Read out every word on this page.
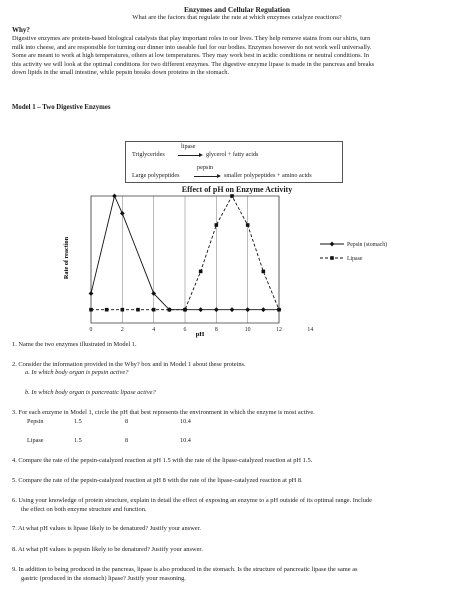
Enzymes and Cellular Regulation
What are the factors that regulate the rate at which enzymes catalyze reactions?
Why?
Digestive enzymes are protein-based biological catalysts that play important roles in our lives. They help remove stains from our shirts, turn
milk into cheese, and are responsible for turning our dinner into useable fuel for our bodies. Enzymes however do not work well universally.
Some are meant to work at high temperatures, others at low temperatures. They may work best in acidic conditions or neutral conditions. In
this activity we will look at the optimal conditions for two different enzymes. The digestive enzyme lipase is made in the pancreas and breaks
down lipids in the small intestine, while pepsin breaks down proteins in the stomach.
Model 1 – Two Digestive Enzymes
lipase
Triglycerides	glycerol + fatty acids
pepsin
Large polypeptides	smaller polypeptides + amino acids
Effect of pH on Enzyme Activity
0	2	4	6	8	10	12	14
Pepsin (stomach)
Lipase
Rate of reaction
pH
1. Name the two enzymes illustrated in Model 1.
2. Consider the information provided in the Why? box and in Model 1 about these proteins.
a. In which body organ is pepsin active?
b. In which body organ is pancreatic lipase active?
3. For each enzyme in Model 1, circle the pH that best represents the environment in which the enzyme is most active.
Pepsin	1.5	8	10.4
Lipase	1.5	8	10.4
4. Compare the rate of the pepsin-catalyzed reaction at pH 1.5 with the rate of the lipase-catalyzed reaction at pH 1.5.
5. Compare the rate of the pepsin-catalyzed reaction at pH 8 with the rate of the lipase-catalyzed reaction at pH 8.
6. Using your knowledge of protein structure, explain in detail the effect of exposing an enzyme to a pH outside of its optimal range. Include
the effect on both enzyme structure and function.
7. At what pH values is lipase likely to be denatured? Justify your answer.
8. At what pH values is pepsin likely to be denatured? Justify your answer.
9. In addition to being produced in the pancreas, lipase is also produced in the stomach. Is the structure of pancreatic lipase the same as
gastric (produced in the stomach) lipase? Justify your reasoning.
